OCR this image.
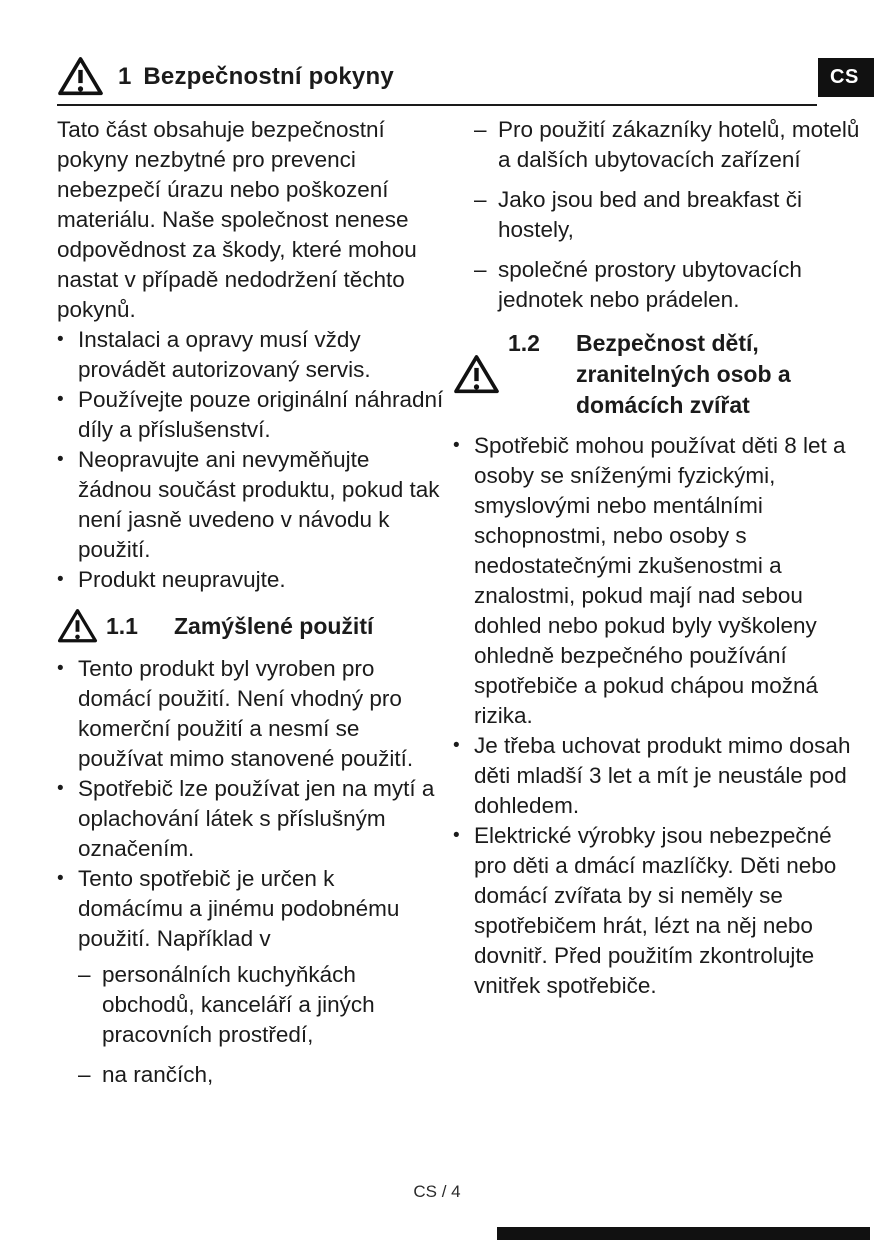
CS
1 Bezpečnostní pokyny

Tato část obsahuje bezpečnostní pokyny nezbytné pro prevenci nebezpečí úrazu nebo poškození materiálu. Naše společnost nenese odpovědnost za škody, které mohou nastat v případě nedodržení těchto pokynů.

• Instalaci a opravy musí vždy provádět autorizovaný servis.
• Používejte pouze originální náhradní díly a příslušenství.
• Neopravujte ani nevyměňujte žádnou součást produktu, pokud tak není jasně uvedeno v návodu k použití.
• Produkt neupravujte.
1.1 Zamýšlené použití
• Tento produkt byl vyroben pro domácí použití. Není vhodný pro komerční použití a nesmí se používat mimo stanovené použití.
• Spotřebič lze používat jen na mytí a oplachování látek s příslušným označením.
• Tento spotřebič je určen k domácímu a jinému podobnému použití. Například v
– personálních kuchyňkách obchodů, kanceláří a jiných pracovních prostředí,
– na rančích,
– Pro použití zákazníky hotelů, motelů a dalších ubytovacích zařízení
– Jako jsou bed and breakfast či hostely,
– společné prostory ubytovacích jednotek nebo prádelen.
1.2 Bezpečnost dětí, zranitelných osob a domácích zvířat
• Spotřebič mohou používat děti 8 let a osoby se sníženými fyzickými, smyslovými nebo mentálními schopnostmi, nebo osoby s nedostatečnými zkušenostmi a znalostmi, pokud mají nad sebou dohled nebo pokud byly vyškoleny ohledně bezpečného používání spotřebiče a pokud chápou možná rizika.
• Je třeba uchovat produkt mimo dosah děti mladší 3 let a mít je neustále pod dohledem.
• Elektrické výrobky jsou nebezpečné pro děti a dmácí mazlíčky. Děti nebo domácí zvířata by si neměly se spotřebičem hrát, lézt na něj nebo dovnitř. Před použitím zkontrolujte vnitřek spotřebiče.
CS / 4
